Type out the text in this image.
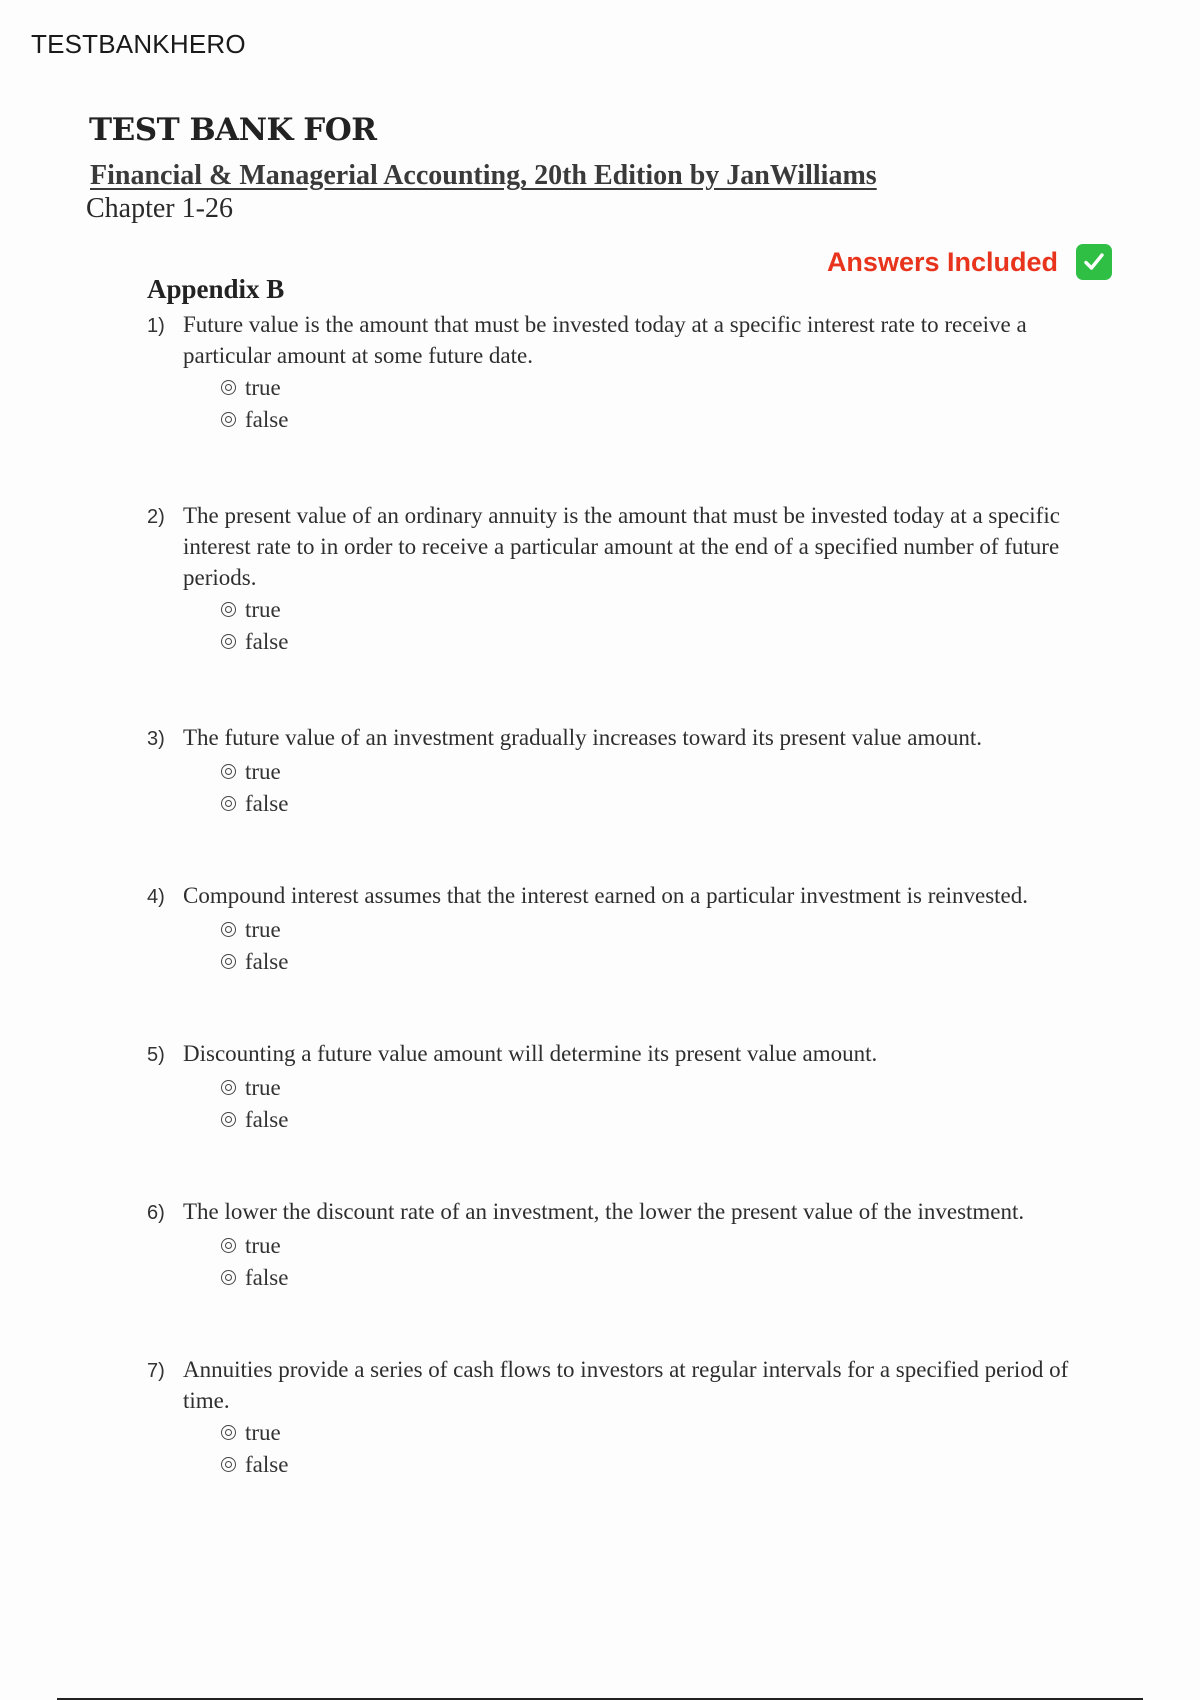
TESTBANKHERO
TEST BANK FOR
Financial & Managerial Accounting, 20th Edition by JanWilliams
Chapter 1-26
Answers Included
Appendix B
1) Future value is the amount that must be invested today at a specific interest rate to receive a particular amount at some future date.
true
false
2) The present value of an ordinary annuity is the amount that must be invested today at a specific interest rate to in order to receive a particular amount at the end of a specified number of future periods.
true
false
3) The future value of an investment gradually increases toward its present value amount.
true
false
4) Compound interest assumes that the interest earned on a particular investment is reinvested.
true
false
5) Discounting a future value amount will determine its present value amount.
true
false
6) The lower the discount rate of an investment, the lower the present value of the investment.
true
false
7) Annuities provide a series of cash flows to investors at regular intervals for a specified period of time.
true
false
